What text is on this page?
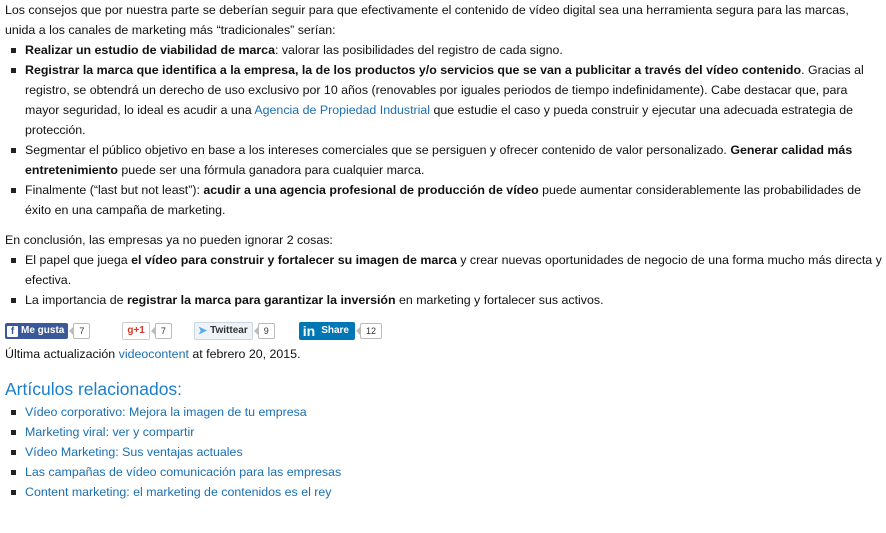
Los consejos que por nuestra parte se deberían seguir para que efectivamente el contenido de vídeo digital sea una herramienta segura para las marcas, unida a los canales de marketing más “tradicionales” serían:

Realizar un estudio de viabilidad de marca: valorar las posibilidades del registro de cada signo.
Registrar la marca que identifica a la empresa, la de los productos y/o servicios que se van a publicitar a través del vídeo contenido. Gracias al registro, se obtendrá un derecho de uso exclusivo por 10 años (renovables por iguales periodos de tiempo indefinidamente). Cabe destacar que, para mayor seguridad, lo ideal es acudir a una Agencia de Propiedad Industrial que estudie el caso y pueda construir y ejecutar una adecuada estrategia de protección.
Segmentar el público objetivo en base a los intereses comerciales que se persiguen y ofrecer contenido de valor personalizado. Generar calidad más entretenimiento puede ser una fórmula ganadora para cualquier marca.
Finalmente (“last but not least”): acudir a una agencia profesional de producción de vídeo puede aumentar considerablemente las probabilidades de éxito en una campaña de marketing.

En conclusión, las empresas ya no pueden ignorar 2 cosas:

El papel que juega el vídeo para construir y fortalecer su imagen de marca y crear nuevas oportunidades de negocio de una forma mucho más directa y efectiva.
La importancia de registrar la marca para garantizar la inversión en marketing y fortalecer sus activos.
f Me gusta	7	g +1	7	➤ Twittear	9	in Share	12

Última actualización videocontent at febrero 20, 2015.

Artículos relacionados:
Vídeo corporativo: Mejora la imagen de tu empresa
Marketing viral: ver y compartir
Vídeo Marketing: Sus ventajas actuales
Las campañas de vídeo comunicación para las empresas
Content marketing: el marketing de contenidos es el rey
